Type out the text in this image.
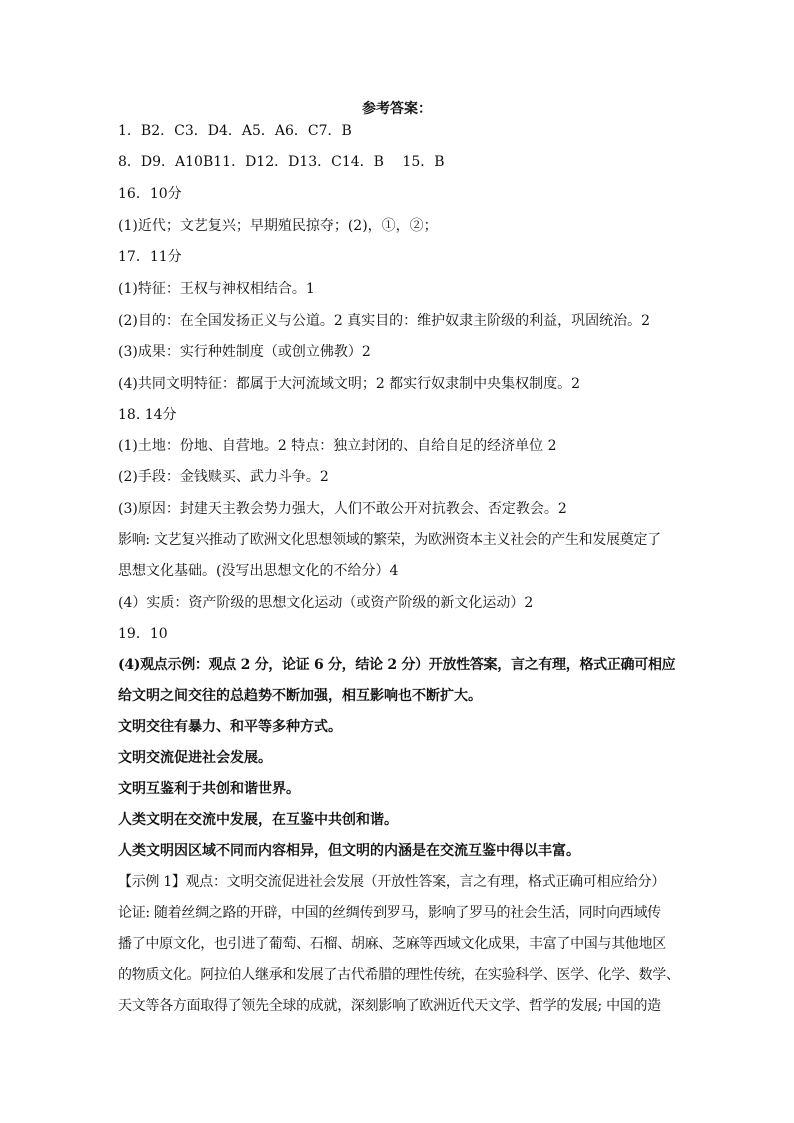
参考答案：
1．B2．C3．D4．A5．A6．C7．B
8．D9．A10B11．D12．D13．C14．B　 15．B
16．10分
(1)近代；文艺复兴；早期殖民掠夺；(2)，①，②；
17．11分
(1)特征：王权与神权相结合。1
(2)目的：在全国发扬正义与公道。2 真实目的：维护奴隶主阶级的利益，巩固统治。2
(3)成果：实行种姓制度（或创立佛教）2
(4)共同文明特征：都属于大河流域文明；2 都实行奴隶制中央集权制度。2
18. 14分
(1)土地：份地、自营地。2 特点：独立封闭的、自给自足的经济单位 2
(2)手段：金钱赎买、武力斗争。2
(3)原因：封建天主教会势力强大，人们不敢公开对抗教会、否定教会。2
影响: 文艺复兴推动了欧洲文化思想领域的繁荣，为欧洲资本主义社会的产生和发展奠定了
思想文化基础。(没写出思想文化的不给分）4
(4）实质：资产阶级的思想文化运动（或资产阶级的新文化运动）2
19．10
(4)观点示例：观点 2 分，论证 6 分，结论 2 分）开放性答案，言之有理，格式正确可相应
给文明之间交往的总趋势不断加强，相互影响也不断扩大。
文明交往有暴力、和平等多种方式。
文明交流促进社会发展。
文明互鉴利于共创和谐世界。
人类文明在交流中发展，在互鉴中共创和谐。
人类文明因区域不同而内容相异，但文明的内涵是在交流互鉴中得以丰富。
【示例 1】观点：文明交流促进社会发展（开放性答案，言之有理，格式正确可相应给分）
论证: 随着丝绸之路的开辟，中国的丝绸传到罗马，影响了罗马的社会生活，同时向西域传
播了中原文化，也引进了葡萄、石榴、胡麻、芝麻等西域文化成果，丰富了中国与其他地区
的物质文化。阿拉伯人继承和发展了古代希腊的理性传统，在实验科学、医学、化学、数学、
天文等各方面取得了领先全球的成就，深刻影响了欧洲近代天文学、哲学的发展; 中国的造
